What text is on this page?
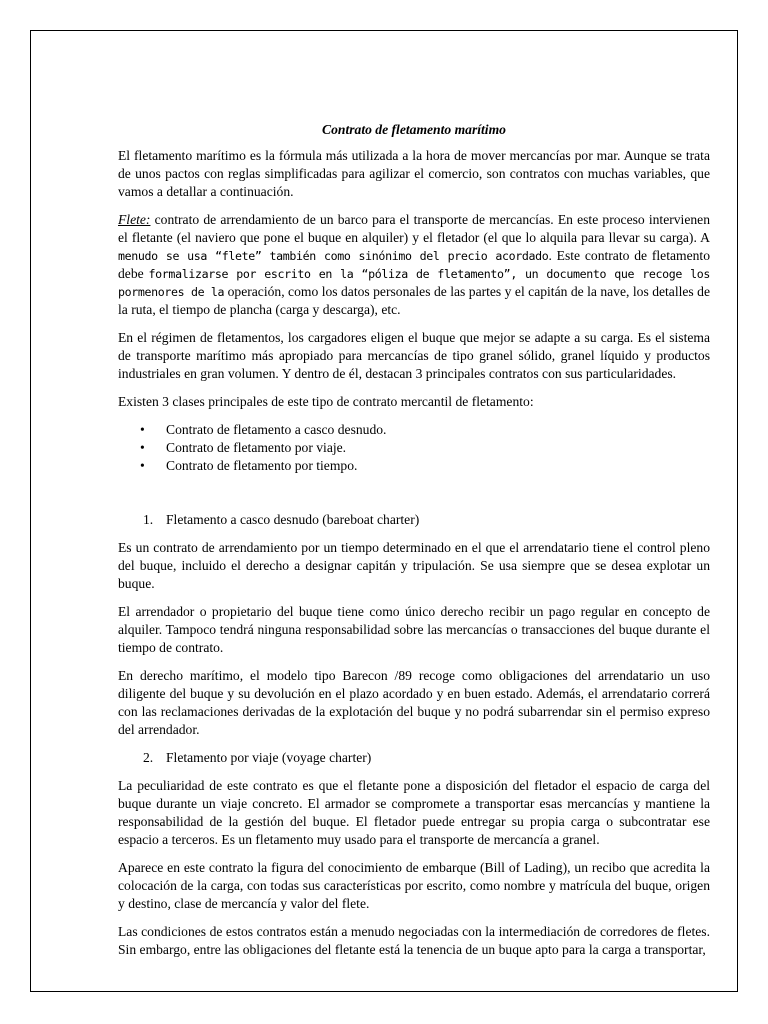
Contrato de fletamento marítimo

El fletamento marítimo es la fórmula más utilizada a la hora de mover mercancías por mar. Aunque se trata de unos pactos con reglas simplificadas para agilizar el comercio, son contratos con muchas variables, que vamos a detallar a continuación.

Flete: contrato de arrendamiento de un barco para el transporte de mercancías. En este proceso intervienen el fletante (el naviero que pone el buque en alquiler) y el fletador (el que lo alquila para llevar su carga). A menudo se usa “flete” también como sinónimo del precio acordado. Este contrato de fletamento debe formalizarse por escrito en la “póliza de fletamento”, un documento que recoge los pormenores de la operación, como los datos personales de las partes y el capitán de la nave, los detalles de la ruta, el tiempo de plancha (carga y descarga), etc.

En el régimen de fletamentos, los cargadores eligen el buque que mejor se adapte a su carga. Es el sistema de transporte marítimo más apropiado para mercancías de tipo granel sólido, granel líquido y productos industriales en gran volumen. Y dentro de él, destacan 3 principales contratos con sus particularidades.

Existen 3 clases principales de este tipo de contrato mercantil de fletamento:

• Contrato de fletamento a casco desnudo.
• Contrato de fletamento por viaje.
• Contrato de fletamento por tiempo.
1. Fletamento a casco desnudo (bareboat charter)

Es un contrato de arrendamiento por un tiempo determinado en el que el arrendatario tiene el control pleno del buque, incluido el derecho a designar capitán y tripulación. Se usa siempre que se desea explotar un buque.

El arrendador o propietario del buque tiene como único derecho recibir un pago regular en concepto de alquiler. Tampoco tendrá ninguna responsabilidad sobre las mercancías o transacciones del buque durante el tiempo de contrato.

En derecho marítimo, el modelo tipo Barecon /89 recoge como obligaciones del arrendatario un uso diligente del buque y su devolución en el plazo acordado y en buen estado. Además, el arrendatario correrá con las reclamaciones derivadas de la explotación del buque y no podrá subarrendar sin el permiso expreso del arrendador.

2. Fletamento por viaje (voyage charter)

La peculiaridad de este contrato es que el fletante pone a disposición del fletador el espacio de carga del buque durante un viaje concreto. El armador se compromete a transportar esas mercancías y mantiene la responsabilidad de la gestión del buque. El fletador puede entregar su propia carga o subcontratar ese espacio a terceros. Es un fletamento muy usado para el transporte de mercancía a granel.

Aparece en este contrato la figura del conocimiento de embarque (Bill of Lading), un recibo que acredita la colocación de la carga, con todas sus características por escrito, como nombre y matrícula del buque, origen y destino, clase de mercancía y valor del flete.

Las condiciones de estos contratos están a menudo negociadas con la intermediación de corredores de fletes. Sin embargo, entre las obligaciones del fletante está la tenencia de un buque apto para la carga a transportar,
